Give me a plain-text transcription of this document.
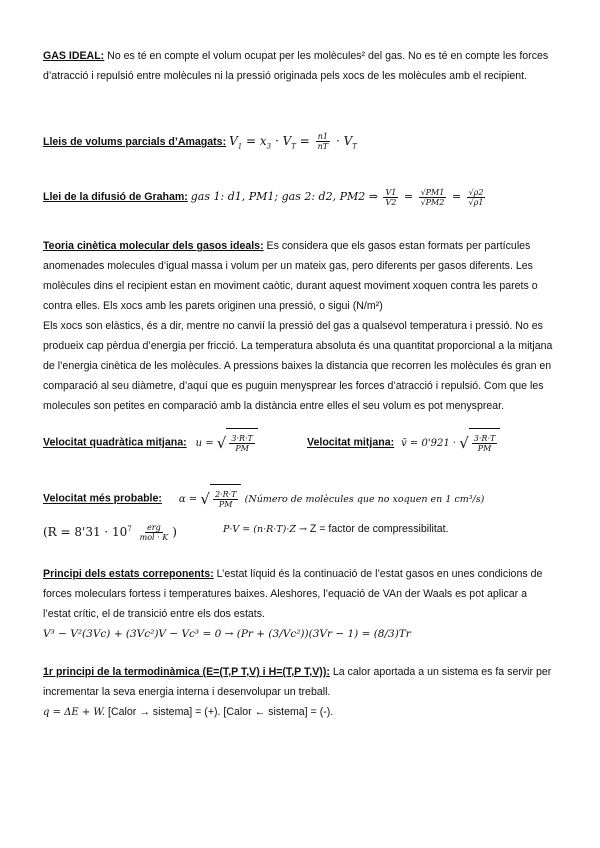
GAS IDEAL: No es té en compte el volum ocupat per les molècules² del gas. No es té en compte les forces d’atracció i repulsió entre molècules ni la pressió originada pels xocs de les molècules amb el recipient.
Lleis de volums parcials d’Amagats: $V_1 = x_3 \cdot V_T = \frac{n1}{nT} \cdot V_T$
Llei de la difusió de Graham: gas 1: d1, PM1; gas 2: d2, PM2 ⇒ $\frac{V1}{V2} = \frac{√PM1}{√PM2} = \frac{√\rho 2}{√\rho 1}$
Teoria cinètica molecular dels gasos ideals: Es considera que els gasos estan formats per partícules anomenades molecules d’igual massa i volum per un mateix gas, pero diferents per gasos diferents. Les molècules dins el recipient estan en moviment caòtic, durant aquest moviment xoquen contra les parets o contra elles. Els xocs amb les parets originen una pressió, o sigui (N/m²)
Els xocs son elàstics, és a dir, mentre no canvií la pressió del gas a qualsevol temperatura i pressió. No es produeix cap pèrdua d’energia per fricció. La temperatura absoluta és una quantitat proporcional a la mitjana de l’energia cinètica de les molècules. A pressions baixes la distancia que recorren les molècules és gran en comparació al seu diàmetre, d’aquí que es puguin menysprear les forces d’atracció i repulsió. Com que les molecules son petites en comparació amb la distància entre elles el seu volum es pot menysprear.
Velocitat quadràtica mitjana: u = √ $\frac{3\cdot R\cdot T}{PM}$	Velocitat mitjana: v̄ = 0'921 · √ $\frac{3\cdot R\cdot T}{PM}$
Velocitat més probable: α = √ $\frac{2\cdot R\cdot T}{PM}$ (Número de molècules que no xoquen en 1 cm³/s)
($R = 8'31 \cdot 10^7 \frac{\text{erg}}{\text{mol · K}}$ )	P·V = (n·R·T)·Z → Z = factor de compressibilitat.
Principi dels estats correponents: L’estat líquid és la continuació de l’estat gasos en unes condicions de forces moleculars fortess i temperatures baixes. Aleshores, l’equació de VAn der Waals es pot aplicar a l’estat crític, el de transició entre els dos estats.
V³ − V²(3Vc) + (3Vc²)V − Vc³ = 0 → (Pr + (3/Vc²))(3Vr − 1) = (8/3)Tr
1r principi de la termodinàmica (E=(T,P T,V) i H=(T,P T,V)): La calor aportada a un sistema es fa servir per incrementar la seva energia interna i desenvolupar un treball.
q = ΔE + W. [Calor → sistema] = (+). [Calor ← sistema] = (-).
